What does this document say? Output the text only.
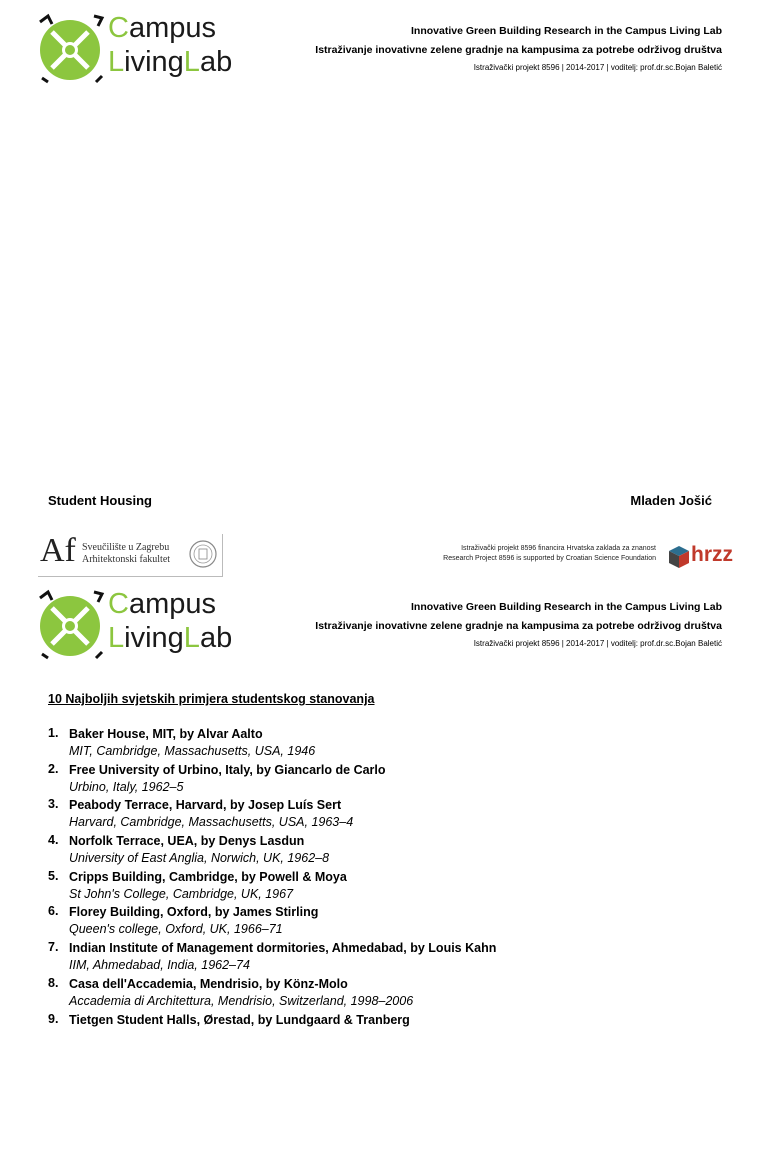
Campus
LivingLab
Innovative Green Building Research in the Campus Living Lab
Istraživanje inovativne zelene gradnje na kampusima za potrebe održivog društva
Istraživački projekt 8596 | 2014-2017 | voditelj: prof.dr.sc.Bojan Baletić
Student Housing	Mladen Jošić
Af Sveučilište u Zagrebu
Arhitektonski fakultet
Istraživački projekt 8596 financira Hrvatska zaklada za znanost
Research Project 8596 is supported by Croatian Science Foundation hrzz
Campus
LivingLab
Innovative Green Building Research in the Campus Living Lab
Istraživanje inovativne zelene gradnje na kampusima za potrebe održivog društva
Istraživački projekt 8596 | 2014-2017 | voditelj: prof.dr.sc.Bojan Baletić
10 Najboljih svjetskih primjera studentskog stanovanja
1. Baker House, MIT, by Alvar Aalto
MIT, Cambridge, Massachusetts, USA, 1946
2. Free University of Urbino, Italy, by Giancarlo de Carlo
Urbino, Italy, 1962–5
3. Peabody Terrace, Harvard, by Josep Luís Sert
Harvard, Cambridge, Massachusetts, USA, 1963–4
4. Norfolk Terrace, UEA, by Denys Lasdun
University of East Anglia, Norwich, UK, 1962–8
5. Cripps Building, Cambridge, by Powell & Moya
St John's College, Cambridge, UK, 1967
6. Florey Building, Oxford, by James Stirling
Queen's college, Oxford, UK, 1966–71
7. Indian Institute of Management dormitories, Ahmedabad, by Louis Kahn
IIM, Ahmedabad, India, 1962–74
8. Casa dell'Accademia, Mendrisio, by Könz-Molo
Accademia di Architettura, Mendrisio, Switzerland, 1998–2006
9. Tietgen Student Halls, Ørestad, by Lundgaard & Tranberg
